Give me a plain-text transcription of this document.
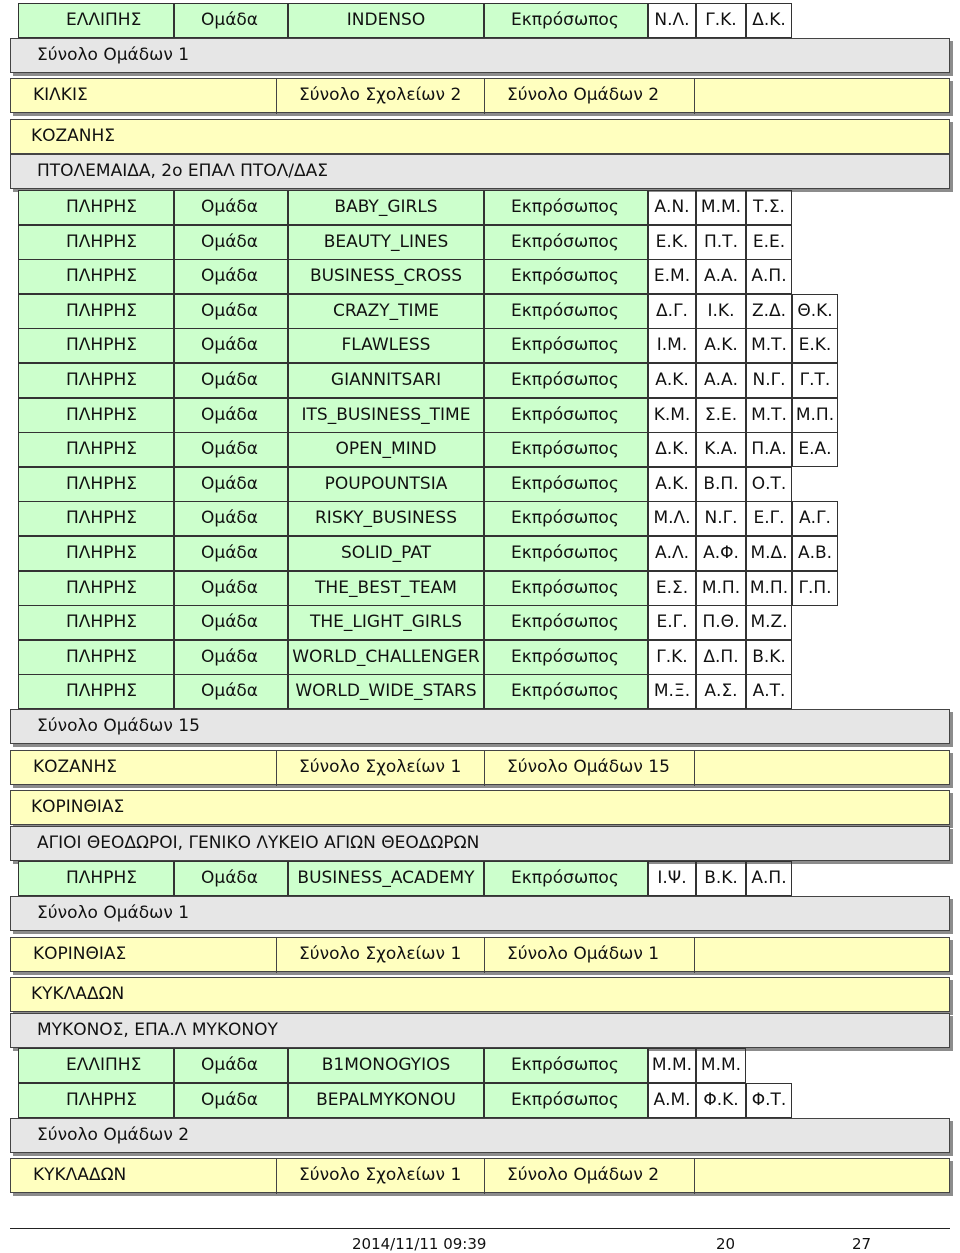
ΕΛΛΙΠΗΣ	Ομάδα	INDENSO	Εκπρόσωπος	Ν.Λ. Γ.Κ. Δ.Κ.
Σύνολο Ομάδων 1
ΚΙΛΚΙΣ	Σύνολο Σχολείων 2	Σύνολο Ομάδων 2
ΚΟΖΑΝΗΣ
ΠΤΟΛΕΜΑΙΔΑ, 2ο ΕΠΑΛ ΠΤΟΛ/ΔΑΣ
ΠΛΗΡΗΣ	Ομάδα	BABY_GIRLS	Εκπρόσωπος	Α.Ν. Μ.Μ. Τ.Σ.
ΠΛΗΡΗΣ	Ομάδα	BEAUTY_LINES	Εκπρόσωπος	Ε.Κ. Π.Τ. Ε.Ε.
ΠΛΗΡΗΣ	Ομάδα	BUSINESS_CROSS	Εκπρόσωπος	Ε.Μ. Α.Α. Α.Π.
ΠΛΗΡΗΣ	Ομάδα	CRAZY_TIME	Εκπρόσωπος	Δ.Γ.	Ι.Κ.	Ζ.Δ. Θ.Κ.
ΠΛΗΡΗΣ	Ομάδα	FLAWLESS	Εκπρόσωπος	Ι.Μ. Α.Κ. Μ.Τ. Ε.Κ.
ΠΛΗΡΗΣ	Ομάδα	GIANNITSARI	Εκπρόσωπος	Α.Κ. Α.Α. Ν.Γ. Γ.Τ.
ΠΛΗΡΗΣ	Ομάδα	ITS_BUSINESS_TIME	Εκπρόσωπος	Κ.Μ. Σ.Ε. Μ.Τ. Μ.Π.
ΠΛΗΡΗΣ	Ομάδα	OPEN_MIND	Εκπρόσωπος	Δ.Κ. Κ.Α. Π.Α. Ε.Α.
ΠΛΗΡΗΣ	Ομάδα	POUPOUNTSIA	Εκπρόσωπος	Α.Κ. Β.Π. Ο.Τ.
ΠΛΗΡΗΣ	Ομάδα	RISKY_BUSINESS	Εκπρόσωπος	Μ.Λ. Ν.Γ. Ε.Γ. Α.Γ.
ΠΛΗΡΗΣ	Ομάδα	SOLID_PAT	Εκπρόσωπος	Α.Λ. Α.Φ. Μ.Δ. Α.Β.
ΠΛΗΡΗΣ	Ομάδα	THE_BEST_TEAM	Εκπρόσωπος	Ε.Σ. Μ.Π. Μ.Π. Γ.Π.
ΠΛΗΡΗΣ	Ομάδα	THE_LIGHT_GIRLS	Εκπρόσωπος	Ε.Γ. Π.Θ. Μ.Ζ.
ΠΛΗΡΗΣ	Ομάδα	WORLD_CHALLENGER	Εκπρόσωπος	Γ.Κ. Δ.Π. Β.Κ.
ΠΛΗΡΗΣ	Ομάδα	WORLD_WIDE_STARS	Εκπρόσωπος	Μ.Ξ. Α.Σ. Α.Τ.
Σύνολο Ομάδων 15
ΚΟΖΑΝΗΣ	Σύνολο Σχολείων 1	Σύνολο Ομάδων 15
ΚΟΡΙΝΘΙΑΣ
ΑΓΙΟΙ ΘΕΟΔΩΡΟΙ, ΓΕΝΙΚΟ ΛΥΚΕΙΟ ΑΓΙΩΝ ΘΕΟΔΩΡΩΝ
ΠΛΗΡΗΣ	Ομάδα	BUSINESS_ACADEMY	Εκπρόσωπος	Ι.Ψ.	Β.Κ. Α.Π.
Σύνολο Ομάδων 1
ΚΟΡΙΝΘΙΑΣ	Σύνολο Σχολείων 1	Σύνολο Ομάδων 1
ΚΥΚΛΑΔΩΝ
ΜΥΚΟΝΟΣ, ΕΠΑ.Λ ΜΥΚΟΝΟΥ
ΕΛΛΙΠΗΣ	Ομάδα	B1MONOGYIOS	Εκπρόσωπος	Μ.Μ. Μ.Μ.
ΠΛΗΡΗΣ	Ομάδα	BEPALMYKONOU	Εκπρόσωπος	Α.Μ. Φ.Κ. Φ.Τ.
Σύνολο Ομάδων 2
ΚΥΚΛΑΔΩΝ	Σύνολο Σχολείων 1	Σύνολο Ομάδων 2
2014/11/11 09:39	20	27
